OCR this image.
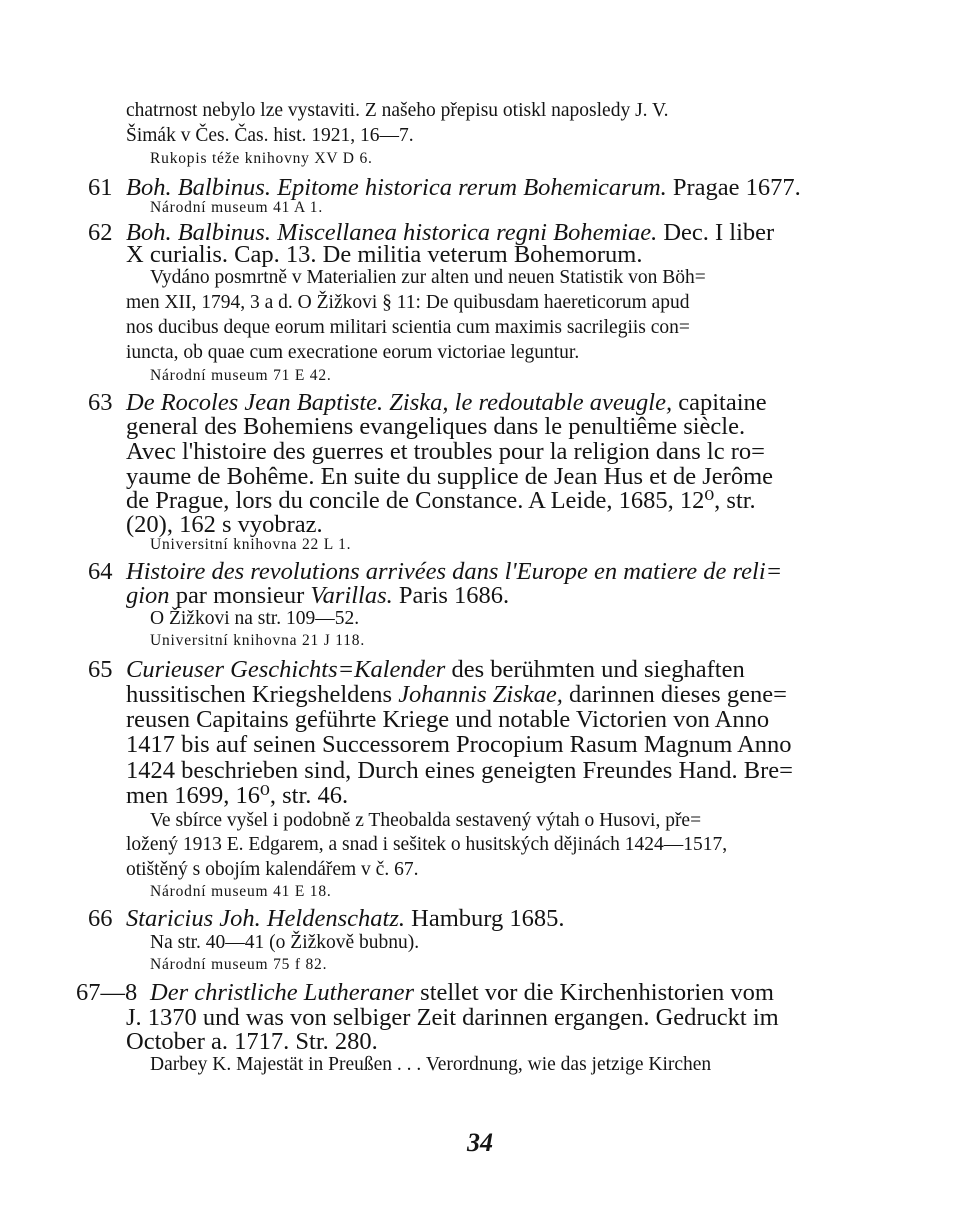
chatrnost nebylo lze vystaviti. Z našeho přepisu otiskl naposledy J. V.

Šimák v Čes. Čas. hist. 1921, 16—7.

Rukopis téže knihovny XV D 6.

61 Boh. Balbinus. Epitome historica rerum Bohemicarum. Pragae 1677.

Národní museum 41 A 1.

62 Boh. Balbinus. Miscellanea historica regni Bohemiae. Dec. I liber

X curialis. Cap. 13. De militia veterum Bohemorum.

Vydáno posmrtně v Materialien zur alten und neuen Statistik von Böh=

men XII, 1794, 3 a d. O Žižkovi § 11: De quibusdam haereticorum apud

nos ducibus deque eorum militari scientia cum maximis sacrilegiis con=

iuncta, ob quae cum execratione eorum victoriae leguntur.

Národní museum 71 E 42.

63 De Rocoles Jean Baptiste. Ziska, le redoutable aveugle, capitaine

general des Bohemiens evangeliques dans le penultiême siècle.

Avec l'histoire des guerres et troubles pour la religion dans lc ro=

yaume de Bohême. En suite du supplice de Jean Hus et de Jerôme

de Prague, lors du concile de Constance. A Leide, 1685, 12⁰, str.

(20), 162 s vyobraz.

Universitní knihovna 22 L 1.

64 Histoire des revolutions arrivées dans l'Europe en matiere de reli=

gion par monsieur Varillas. Paris 1686.

O Žižkovi na str. 109—52.

Universitní knihovna 21 J 118.

65 Curieuser Geschichts=Kalender des berühmten und sieghaften

hussitischen Kriegsheldens Johannis Ziskae, darinnen dieses gene=

reusen Capitains geführte Kriege und notable Victorien von Anno

1417 bis auf seinen Successorem Procopium Rasum Magnum Anno

1424 beschrieben sind, Durch eines geneigten Freundes Hand. Bre=

men 1699, 16⁰, str. 46.

Ve sbírce vyšel i podobně z Theobalda sestavený výtah o Husovi, pře=

ložený 1913 E. Edgarem, a snad i sešitek o husitských dějinách 1424—1517,

otištěný s obojím kalendářem v č. 67.

Národní museum 41 E 18.

66 Staricius Joh. Heldenschatz. Hamburg 1685.

Na str. 40—41 (o Žižkově bubnu).

Národní museum 75 f 82.

67—8 Der christliche Lutheraner stellet vor die Kirchenhistorien vom

J. 1370 und was von selbiger Zeit darinnen ergangen. Gedruckt im

October a. 1717. Str. 280.

Darbey K. Majestät in Preußen . . . Verordnung, wie das jetzige Kirchen

34
